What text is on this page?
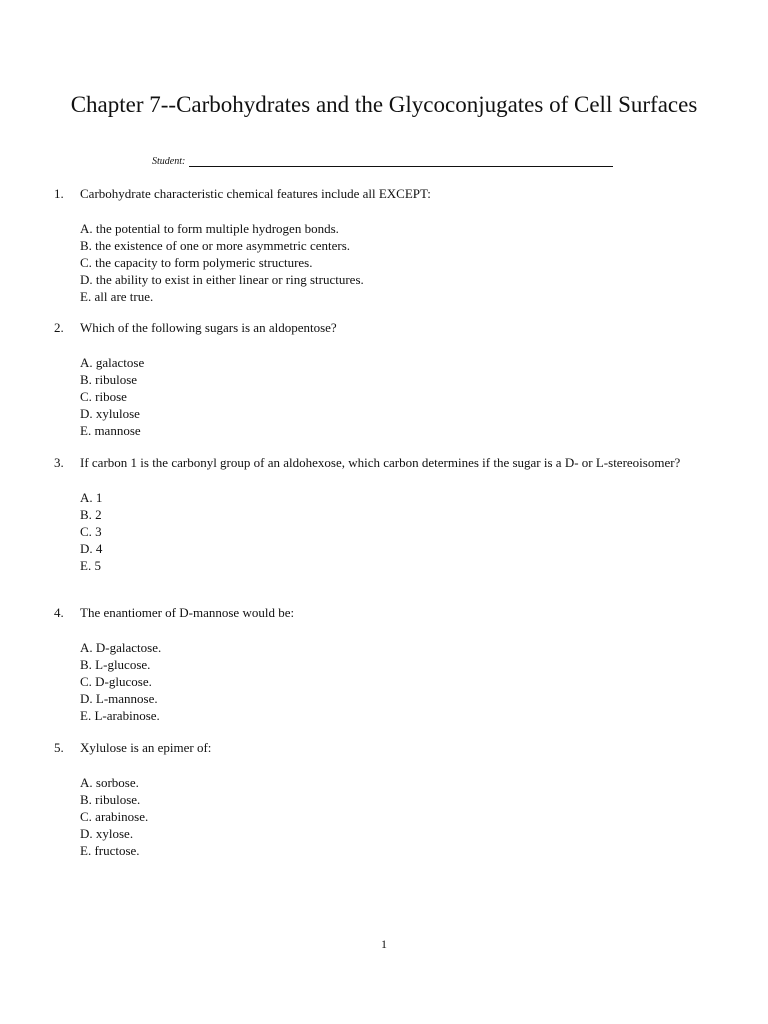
Chapter 7--Carbohydrates and the Glycoconjugates of Cell Surfaces
Student:
1. Carbohydrate characteristic chemical features include all EXCEPT:
A. the potential to form multiple hydrogen bonds.
B. the existence of one or more asymmetric centers.
C. the capacity to form polymeric structures.
D. the ability to exist in either linear or ring structures.
E. all are true.
2. Which of the following sugars is an aldopentose?
A. galactose
B. ribulose
C. ribose
D. xylulose
E. mannose
3. If carbon 1 is the carbonyl group of an aldohexose, which carbon determines if the sugar is a D- or L-stereoisomer?
A. 1
B. 2
C. 3
D. 4
E. 5
4. The enantiomer of D-mannose would be:
A. D-galactose.
B. L-glucose.
C. D-glucose.
D. L-mannose.
E. L-arabinose.
5. Xylulose is an epimer of:
A. sorbose.
B. ribulose.
C. arabinose.
D. xylose.
E. fructose.
1
